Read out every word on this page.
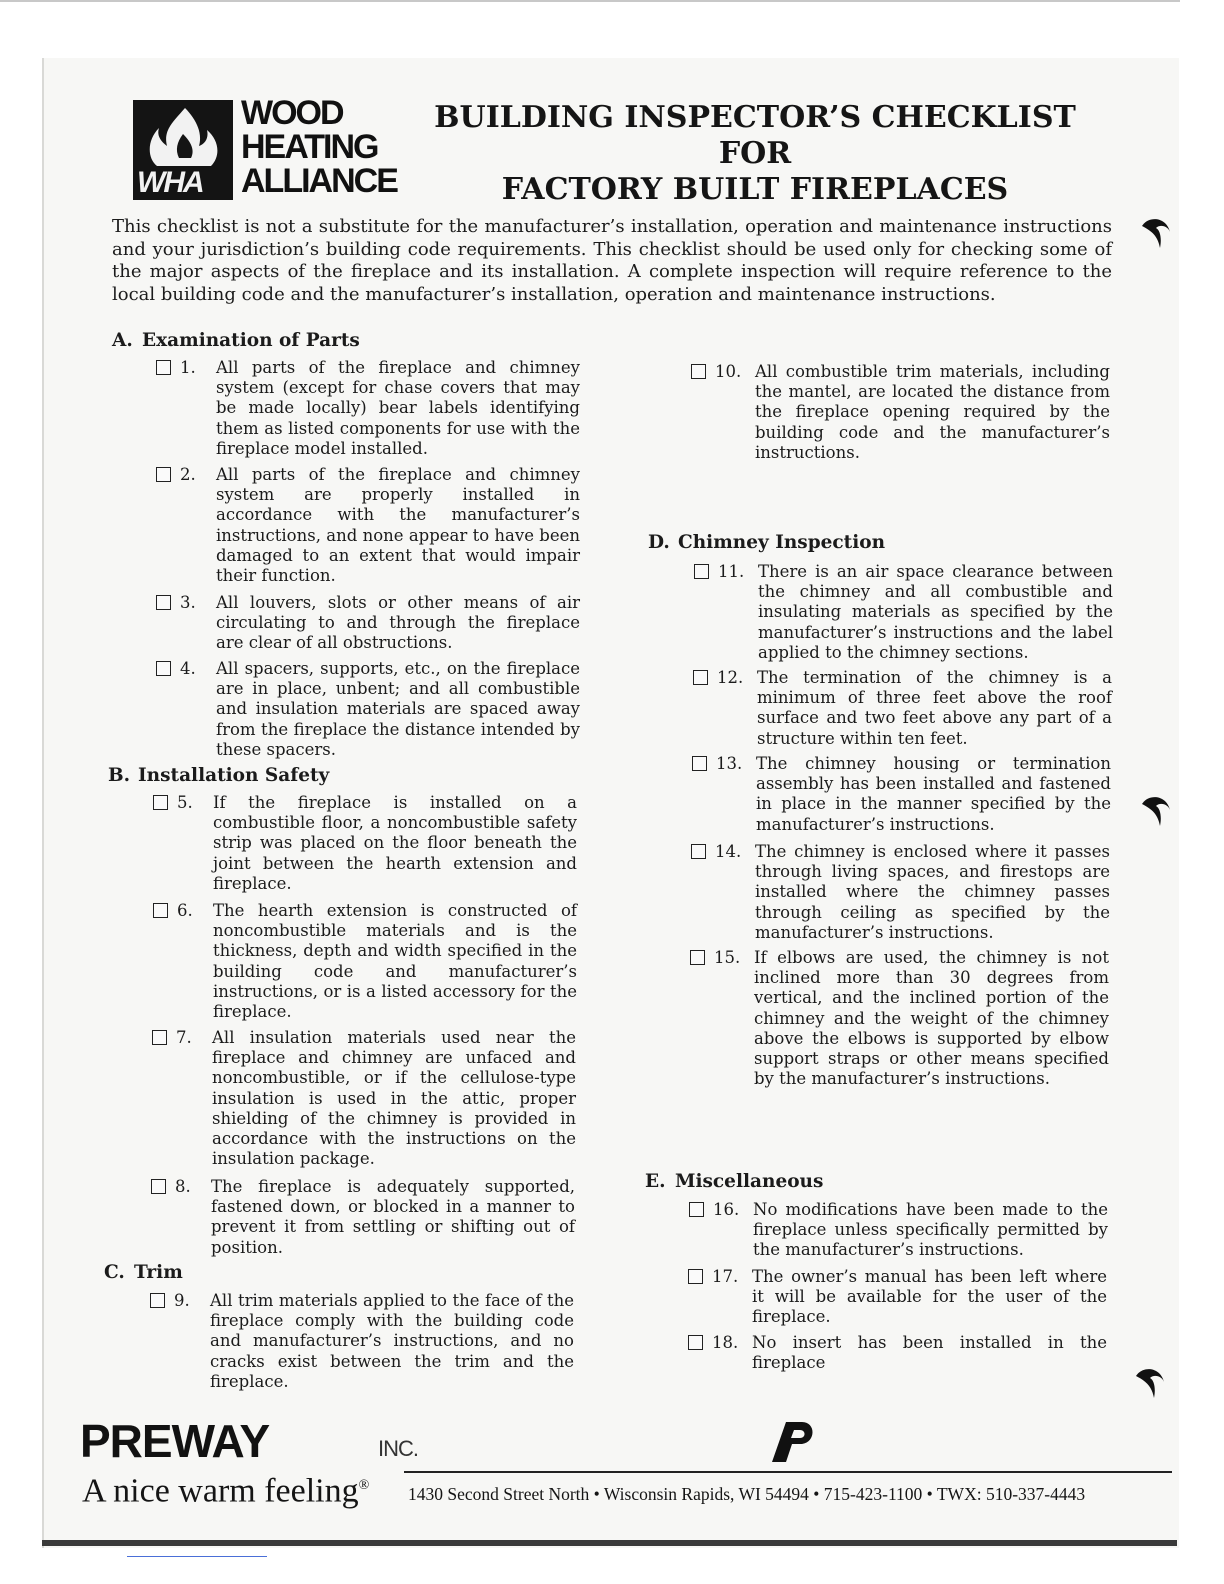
WHA
WOOD
HEATING
ALLIANCE
BUILDING INSPECTOR’S CHECKLIST
FOR
FACTORY BUILT FIREPLACES
This checklist is not a substitute for the manufacturer’s installation, operation and maintenance instructions and your jurisdiction’s building code requirements. This checklist should be used only for checking some of the major aspects of the fireplace and its installation. A complete inspection will require reference to the local building code and the manufacturer’s installation, operation and maintenance instructions.
A. Examination of Parts
1.	All parts of the fireplace and chimney system (except for chase covers that may be made locally) bear labels identifying them as listed components for use with the fireplace model installed.
2.	All parts of the fireplace and chimney system are properly installed in accordance with the manufacturer’s instructions, and none appear to have been damaged to an extent that would impair their function.
3.	All louvers, slots or other means of air circulating to and through the fireplace are clear of all obstructions.
4.	All spacers, supports, etc., on the fireplace are in place, unbent; and all combustible and insulation materials are spaced away from the fireplace the distance intended by these spacers.
B. Installation Safety
5.	If the fireplace is installed on a combustible floor, a noncombustible safety strip was placed on the floor beneath the joint between the hearth extension and fireplace.
6.	The hearth extension is constructed of noncombustible materials and is the thickness, depth and width specified in the building code and manufacturer’s instructions, or is a listed accessory for the fireplace.
7.	All insulation materials used near the fireplace and chimney are unfaced and noncombustible, or if the cellulose-type insulation is used in the attic, proper shielding of the chimney is provided in accordance with the instructions on the insulation package.
8.	The fireplace is adequately supported, fastened down, or blocked in a manner to prevent it from settling or shifting out of position.
C. Trim
9.	All trim materials applied to the face of the fireplace comply with the building code and manufacturer’s instructions, and no cracks exist between the trim and the fireplace.
10. All combustible trim materials, including the mantel, are located the distance from the fireplace opening required by the building code and the manufacturer’s instructions.
D. Chimney Inspection
11. There is an air space clearance between the chimney and all combustible and insulating materials as specified by the manufacturer’s instructions and the label applied to the chimney sections.
12. The termination of the chimney is a minimum of three feet above the roof surface and two feet above any part of a structure within ten feet.
13. The chimney housing or termination assembly has been installed and fastened in place in the manner specified by the manufacturer’s instructions.
14. The chimney is enclosed where it passes through living spaces, and firestops are installed where the chimney passes through ceiling as specified by the manufacturer’s instructions.
15. If elbows are used, the chimney is not inclined more than 30 degrees from vertical, and the inclined portion of the chimney and the weight of the chimney above the elbows is supported by elbow support straps or other means specified by the manufacturer’s instructions.
E. Miscellaneous
16. No modifications have been made to the fireplace unless specifically permitted by the manufacturer’s instructions.
17. The owner’s manual has been left where it will be available for the user of the fireplace.
18. No insert has been installed in the fireplace
PREWAY	INC.
A nice warm feeling® 1430 Second Street North • Wisconsin Rapids, WI 54494 • 715-423-1100 • TWX: 510-337-4443
